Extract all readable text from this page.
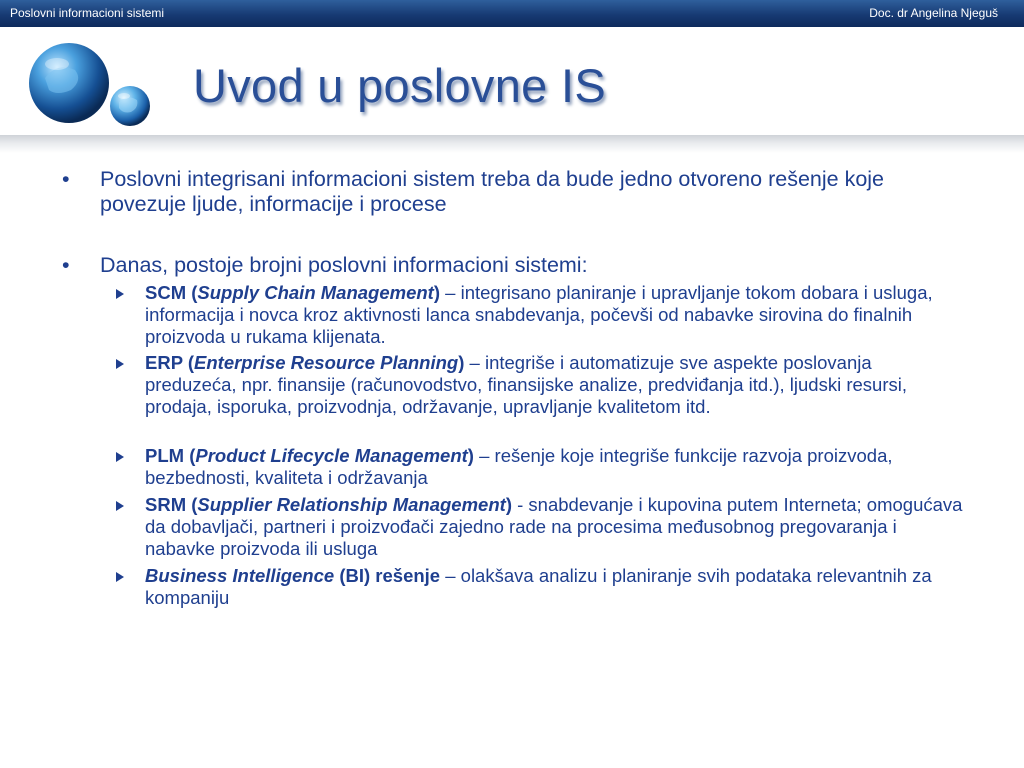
Poslovni informacioni sistemi	Doc. dr Angelina Njeguš
Uvod u poslovne IS
• Poslovni integrisani informacioni sistem treba da bude jedno otvoreno rešenje koje povezuje ljude, informacije i procese
• Danas, postoje brojni poslovni informacioni sistemi:
SCM (Supply Chain Management) – integrisano planiranje i upravljanje tokom dobara i usluga, informacija i novca kroz aktivnosti lanca snabdevanja, počevši od nabavke sirovina do finalnih proizvoda u rukama klijenata.
ERP (Enterprise Resource Planning) – integriše i automatizuje sve aspekte poslovanja preduzeća, npr. finansije (računovodstvo, finansijske analize, predviđanja itd.), ljudski resursi, prodaja, isporuka, proizvodnja, održavanje, upravljanje kvalitetom itd.
PLM (Product Lifecycle Management) – rešenje koje integriše funkcije razvoja proizvoda, bezbednosti, kvaliteta i održavanja
SRM (Supplier Relationship Management) - snabdevanje i kupovina putem Interneta; omogućava da dobavljači, partneri i proizvođači zajedno rade na procesima međusobnog pregovaranja i nabavke proizvoda ili usluga
Business Intelligence (BI) rešenje – olakšava analizu i planiranje svih podataka relevantnih za kompaniju
